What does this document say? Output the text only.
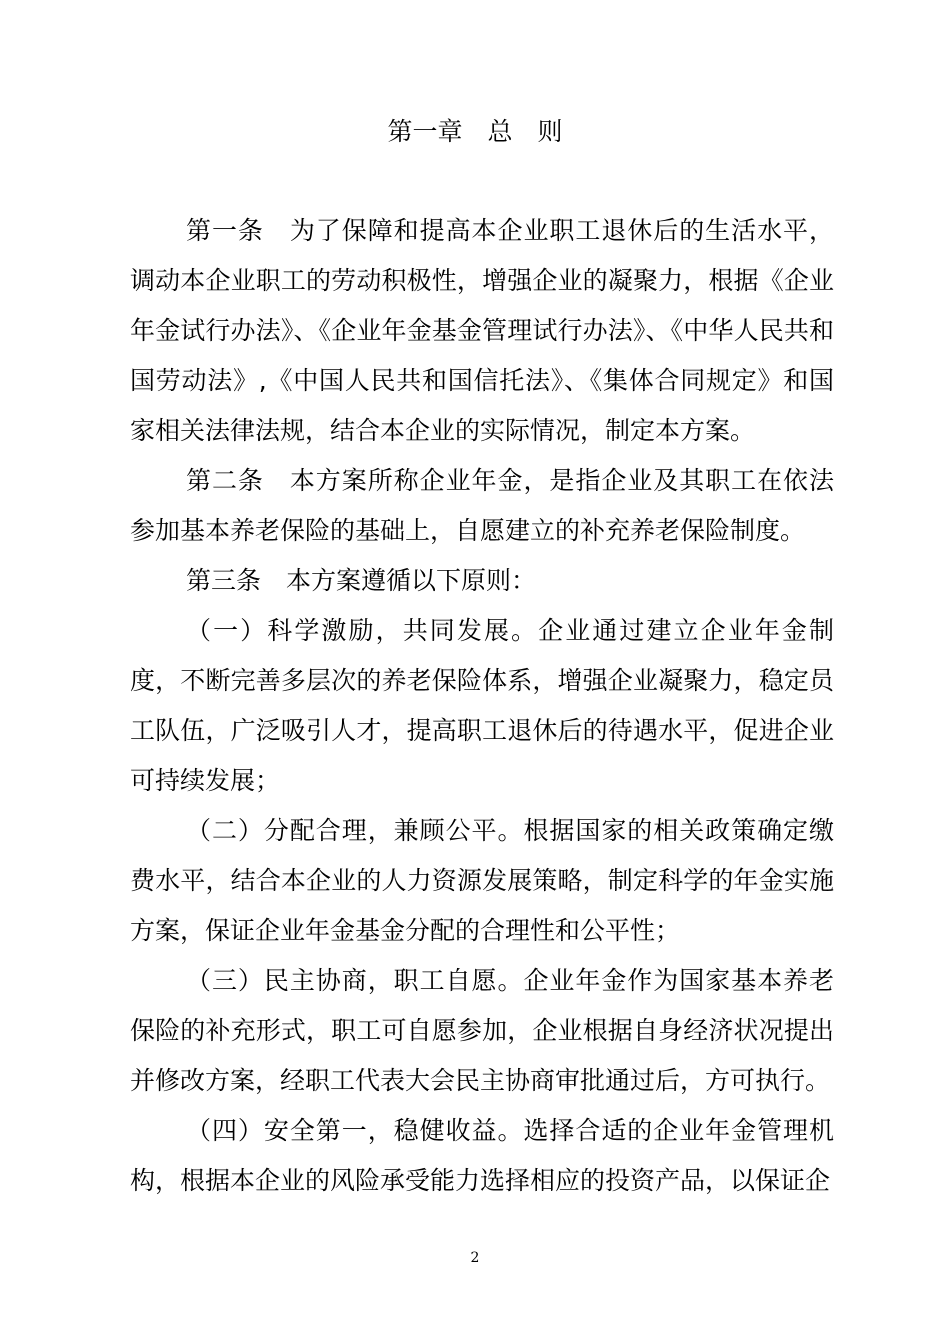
第一章　总　则

第一条　为了保障和提高本企业职工退休后的生活水平，调动本企业职工的劳动积极性，增强企业的凝聚力，根据《企业年金试行办法》、《企业年金基金管理试行办法》、《中华人民共和国劳动法》,《中国人民共和国信托法》、《集体合同规定》和国家相关法律法规，结合本企业的实际情况，制定本方案。

第二条　本方案所称企业年金，是指企业及其职工在依法参加基本养老保险的基础上，自愿建立的补充养老保险制度。

第三条　本方案遵循以下原则：

（一）科学激励，共同发展。企业通过建立企业年金制度，不断完善多层次的养老保险体系，增强企业凝聚力，稳定员工队伍，广泛吸引人才，提高职工退休后的待遇水平，促进企业可持续发展；

（二）分配合理，兼顾公平。根据国家的相关政策确定缴费水平，结合本企业的人力资源发展策略，制定科学的年金实施方案，保证企业年金基金分配的合理性和公平性；

（三）民主协商，职工自愿。企业年金作为国家基本养老保险的补充形式，职工可自愿参加，企业根据自身经济状况提出并修改方案，经职工代表大会民主协商审批通过后，方可执行。

（四）安全第一，稳健收益。选择合适的企业年金管理机构，根据本企业的风险承受能力选择相应的投资产品，以保证企

2
